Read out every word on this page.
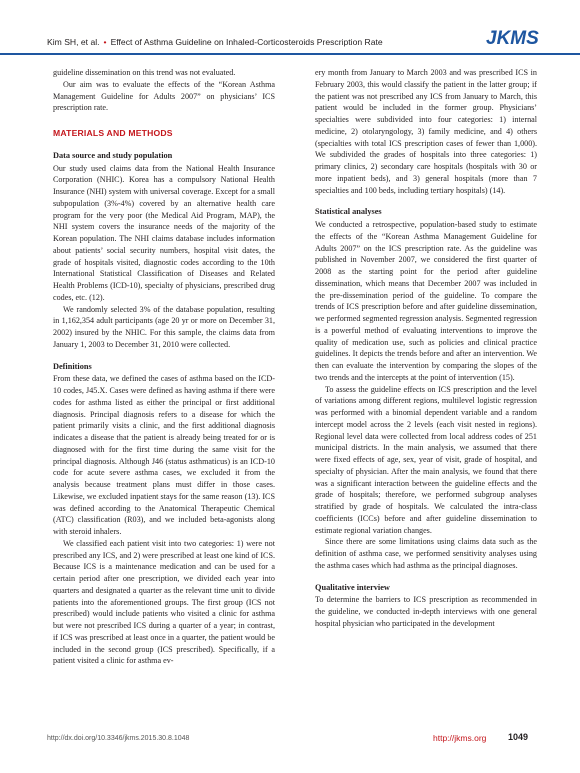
Kim SH, et al. • Effect of Asthma Guideline on Inhaled-Corticosteroids Prescription Rate	JKMS

guideline dissemination on this trend was not evaluated.

Our aim was to evaluate the effects of the “Korean Asthma Management Guideline for Adults 2007” on physicians’ ICS prescription rate.

MATERIALS AND METHODS
Data source and study population

Our study used claims data from the National Health Insurance Corporation (NHIC). Korea has a compulsory National Health Insurance (NHI) system with universal coverage. Except for a small subpopulation (3%-4%) covered by an alternative health care program for the very poor (the Medical Aid Program, MAP), the NHI system covers the insurance needs of the majority of the Korean population. The NHI claims database includes information about patients’ social security numbers, hospital visit dates, the grade of hospitals visited, diagnostic codes according to the 10th International Statistical Classification of Diseases and Related Health Problems (ICD-10), specialty of physicians, prescribed drug codes, etc. (12).

We randomly selected 3% of the database population, resulting in 1,162,354 adult participants (age 20 yr or more on December 31, 2002) insured by the NHIC. For this sample, the claims data from January 1, 2003 to December 31, 2010 were collected.

Definitions

From these data, we defined the cases of asthma based on the ICD-10 codes, J45.X. Cases were defined as having asthma if there were codes for asthma listed as either the principal or first additional diagnosis. Principal diagnosis refers to a disease for which the patient primarily visits a clinic, and the first additional diagnosis indicates a disease that the patient is already being treated for or is diagnosed with for the first time during the same visit for the principal diagnosis. Although J46 (status asthmaticus) is an ICD-10 code for acute severe asthma cases, we excluded it from the analysis because treatment plans must differ in those cases. Likewise, we excluded inpatient stays for the same reason (13). ICS was defined according to the Anatomical Therapeutic Chemical (ATC) classification (R03), and we included beta-agonists along with steroid inhalers.

We classified each patient visit into two categories: 1) were not prescribed any ICS, and 2) were prescribed at least one kind of ICS. Because ICS is a maintenance medication and can be used for a certain period after one prescription, we divided each year into quarters and designated a quarter as the relevant time unit to divide patients into the aforementioned groups. The first group (ICS not prescribed) would include patients who visited a clinic for asthma but were not prescribed ICS during a quarter of a year; in contrast, if ICS was prescribed at least once in a quarter, the patient would be included in the second group (ICS prescribed). Specifically, if a patient visited a clinic for asthma ev-

ery month from January to March 2003 and was prescribed ICS in February 2003, this would classify the patient in the latter group; if the patient was not prescribed any ICS from January to March, this patient would be included in the former group. Physicians’ specialties were subdivided into four categories: 1) internal medicine, 2) otolaryngology, 3) family medicine, and 4) others (specialties with total ICS prescription cases of fewer than 1,000). We subdivided the grades of hospitals into three categories: 1) primary clinics, 2) secondary care hospitals (hospitals with 30 or more inpatient beds), and 3) general hospitals (more than 7 specialties and 100 beds, including tertiary hospitals) (14).

Statistical analyses

We conducted a retrospective, population-based study to estimate the effects of the “Korean Asthma Management Guideline for Adults 2007” on the ICS prescription rate. As the guideline was published in November 2007, we considered the first quarter of 2008 as the starting point for the period after guideline dissemination, which means that December 2007 was included in the pre-dissemination period of the guideline. To compare the trends of ICS prescription before and after guideline dissemination, we performed segmented regression analysis. Segmented regression is a powerful method of evaluating interventions to improve the quality of medication use, such as policies and clinical practice guidelines. It depicts the trends before and after an intervention. We then can evaluate the intervention by comparing the slopes of the two trends and the intercepts at the point of intervention (15).

To assess the guideline effects on ICS prescription and the level of variations among different regions, multilevel logistic regression was performed with a binomial dependent variable and a random intercept model across the 2 levels (each visit nested in regions). Regional level data were collected from local address codes of 251 municipal districts. In the main analysis, we assumed that there were fixed effects of age, sex, year of visit, grade of hospital, and specialty of physician. After the main analysis, we found that there was a significant interaction between the guideline effects and the grade of hospitals; therefore, we performed subgroup analyses stratified by grade of hospitals. We calculated the intra-class coefficients (ICCs) before and after guideline dissemination to estimate regional variation changes.

Since there are some limitations using claims data such as the definition of asthma case, we performed sensitivity analyses using the asthma cases which had asthma as the principal diagnoses.

Qualitative interview

To determine the barriers to ICS prescription as recommended in the guideline, we conducted in-depth interviews with one general hospital physician who participated in the development

http://dx.doi.org/10.3346/jkms.2015.30.8.1048	http://jkms.org 1049
